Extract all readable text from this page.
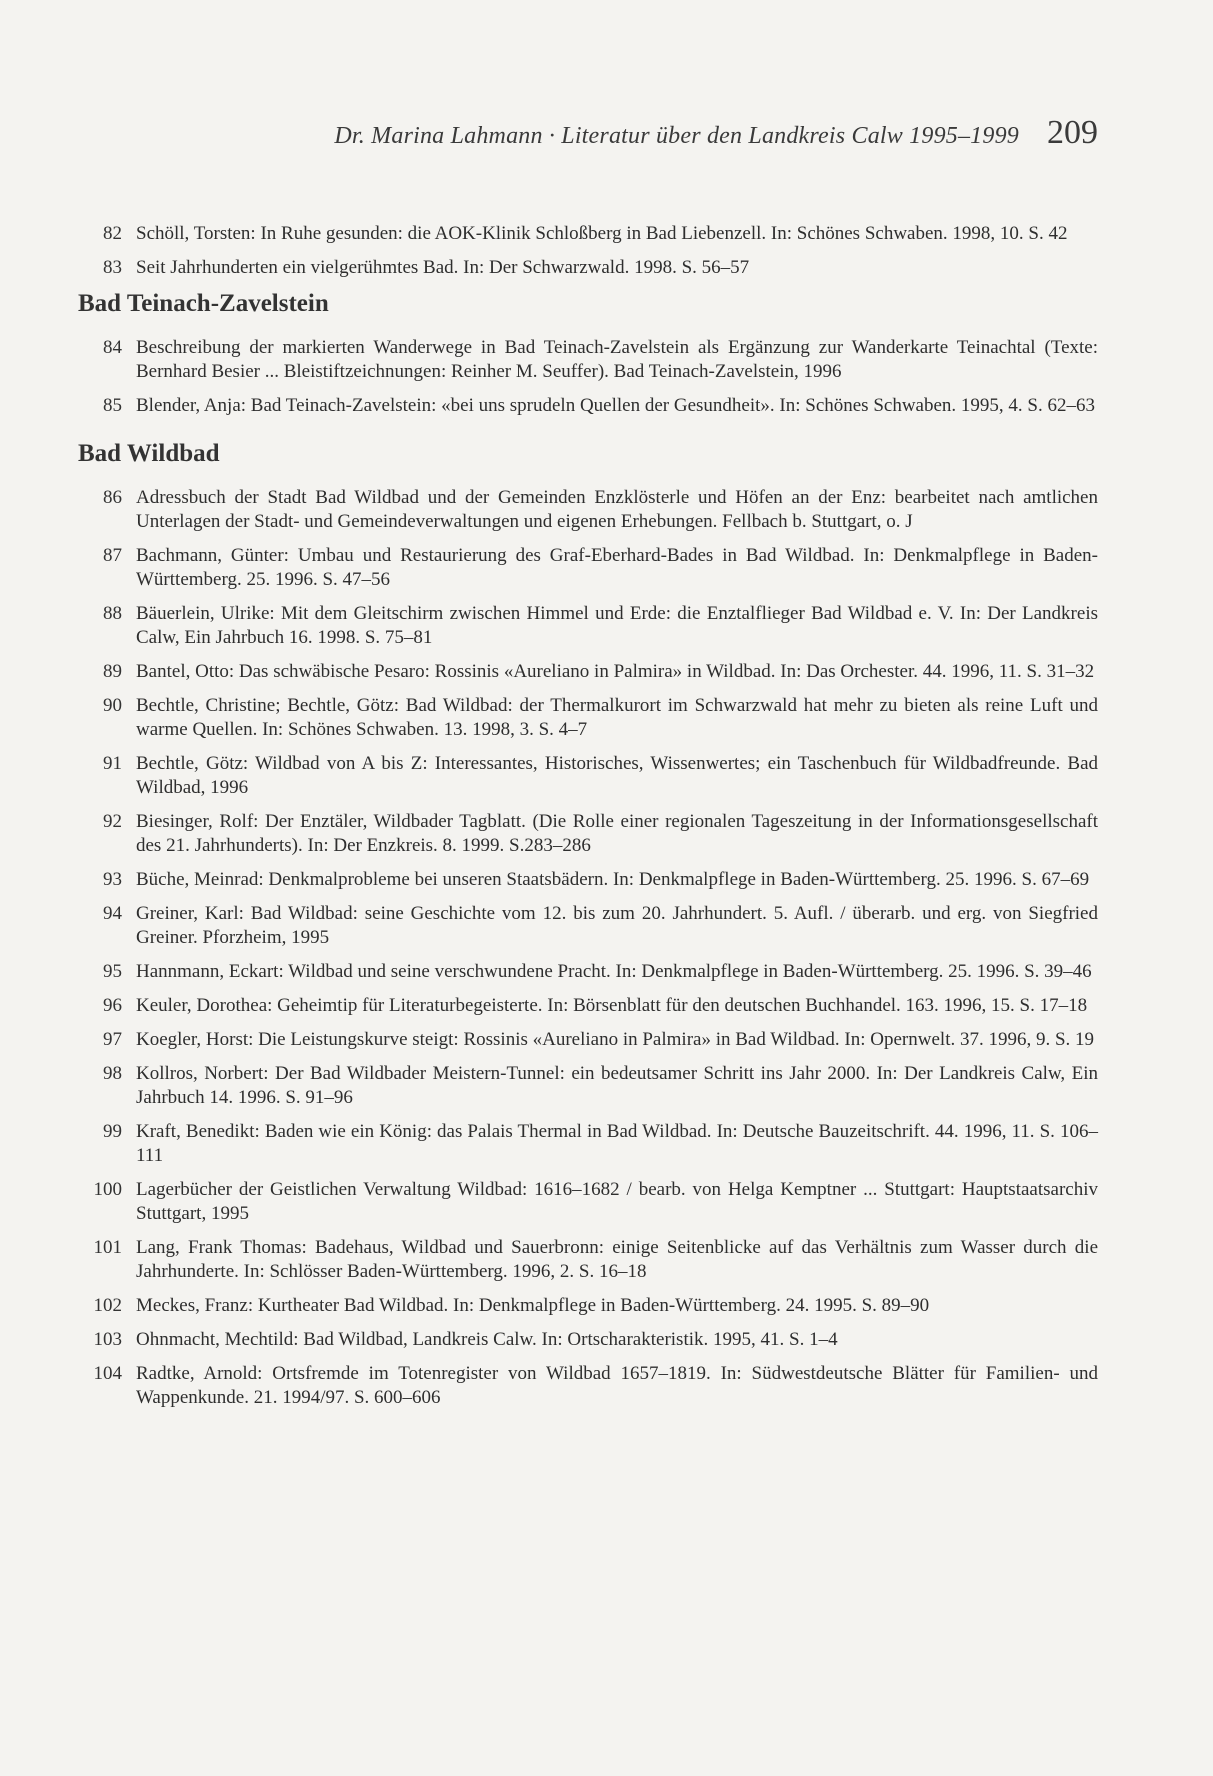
Dr. Marina Lahmann · Literatur über den Landkreis Calw 1995–1999 209
82 Schöll, Torsten: In Ruhe gesunden: die AOK-Klinik Schloßberg in Bad Liebenzell. In: Schönes Schwaben. 1998, 10. S. 42
83 Seit Jahrhunderten ein vielgerühmtes Bad. In: Der Schwarzwald. 1998. S. 56–57
Bad Teinach-Zavelstein
84 Beschreibung der markierten Wanderwege in Bad Teinach-Zavelstein als Ergänzung zur Wanderkarte Teinachtal (Texte: Bernhard Besier ... Bleistiftzeichnungen: Reinher M. Seuffer). Bad Teinach-Zavelstein, 1996
85 Blender, Anja: Bad Teinach-Zavelstein: «bei uns sprudeln Quellen der Gesundheit». In: Schönes Schwaben. 1995, 4. S. 62–63
Bad Wildbad
86 Adressbuch der Stadt Bad Wildbad und der Gemeinden Enzklösterle und Höfen an der Enz: bearbeitet nach amtlichen Unterlagen der Stadt- und Gemeindeverwaltungen und eigenen Erhebungen. Fellbach b. Stuttgart, o. J
87 Bachmann, Günter: Umbau und Restaurierung des Graf-Eberhard-Bades in Bad Wildbad. In: Denkmalpflege in Baden-Württemberg. 25. 1996. S. 47–56
88 Bäuerlein, Ulrike: Mit dem Gleitschirm zwischen Himmel und Erde: die Enztalflieger Bad Wildbad e. V. In: Der Landkreis Calw, Ein Jahrbuch 16. 1998. S. 75–81
89 Bantel, Otto: Das schwäbische Pesaro: Rossinis «Aureliano in Palmira» in Wildbad. In: Das Orchester. 44. 1996, 11. S. 31–32
90 Bechtle, Christine; Bechtle, Götz: Bad Wildbad: der Thermalkurort im Schwarzwald hat mehr zu bieten als reine Luft und warme Quellen. In: Schönes Schwaben. 13. 1998, 3. S. 4–7
91 Bechtle, Götz: Wildbad von A bis Z: Interessantes, Historisches, Wissenwertes; ein Taschenbuch für Wildbadfreunde. Bad Wildbad, 1996
92 Biesinger, Rolf: Der Enztäler, Wildbader Tagblatt. (Die Rolle einer regionalen Tageszeitung in der Informationsgesellschaft des 21. Jahrhunderts). In: Der Enzkreis. 8. 1999. S.283–286
93 Büche, Meinrad: Denkmalprobleme bei unseren Staatsbädern. In: Denkmalpflege in Baden-Württemberg. 25. 1996. S. 67–69
94 Greiner, Karl: Bad Wildbad: seine Geschichte vom 12. bis zum 20. Jahrhundert. 5. Aufl. / überarb. und erg. von Siegfried Greiner. Pforzheim, 1995
95 Hannmann, Eckart: Wildbad und seine verschwundene Pracht. In: Denkmalpflege in Baden-Württemberg. 25. 1996. S. 39–46
96 Keuler, Dorothea: Geheimtip für Literaturbegeisterte. In: Börsenblatt für den deutschen Buchhandel. 163. 1996, 15. S. 17–18
97 Koegler, Horst: Die Leistungskurve steigt: Rossinis «Aureliano in Palmira» in Bad Wildbad. In: Opernwelt. 37. 1996, 9. S. 19
98 Kollros, Norbert: Der Bad Wildbader Meistern-Tunnel: ein bedeutsamer Schritt ins Jahr 2000. In: Der Landkreis Calw, Ein Jahrbuch 14. 1996. S. 91–96
99 Kraft, Benedikt: Baden wie ein König: das Palais Thermal in Bad Wildbad. In: Deutsche Bauzeitschrift. 44. 1996, 11. S. 106–111
100 Lagerbücher der Geistlichen Verwaltung Wildbad: 1616–1682 / bearb. von Helga Kemptner ... Stuttgart: Hauptstaatsarchiv Stuttgart, 1995
101 Lang, Frank Thomas: Badehaus, Wildbad und Sauerbronn: einige Seitenblicke auf das Verhältnis zum Wasser durch die Jahrhunderte. In: Schlösser Baden-Württemberg. 1996, 2. S. 16–18
102 Meckes, Franz: Kurtheater Bad Wildbad. In: Denkmalpflege in Baden-Württemberg. 24. 1995. S. 89–90
103 Ohnmacht, Mechtild: Bad Wildbad, Landkreis Calw. In: Ortscharakteristik. 1995, 41. S. 1–4
104 Radtke, Arnold: Ortsfremde im Totenregister von Wildbad 1657–1819. In: Südwestdeutsche Blätter für Familien- und Wappenkunde. 21. 1994/97. S. 600–606
